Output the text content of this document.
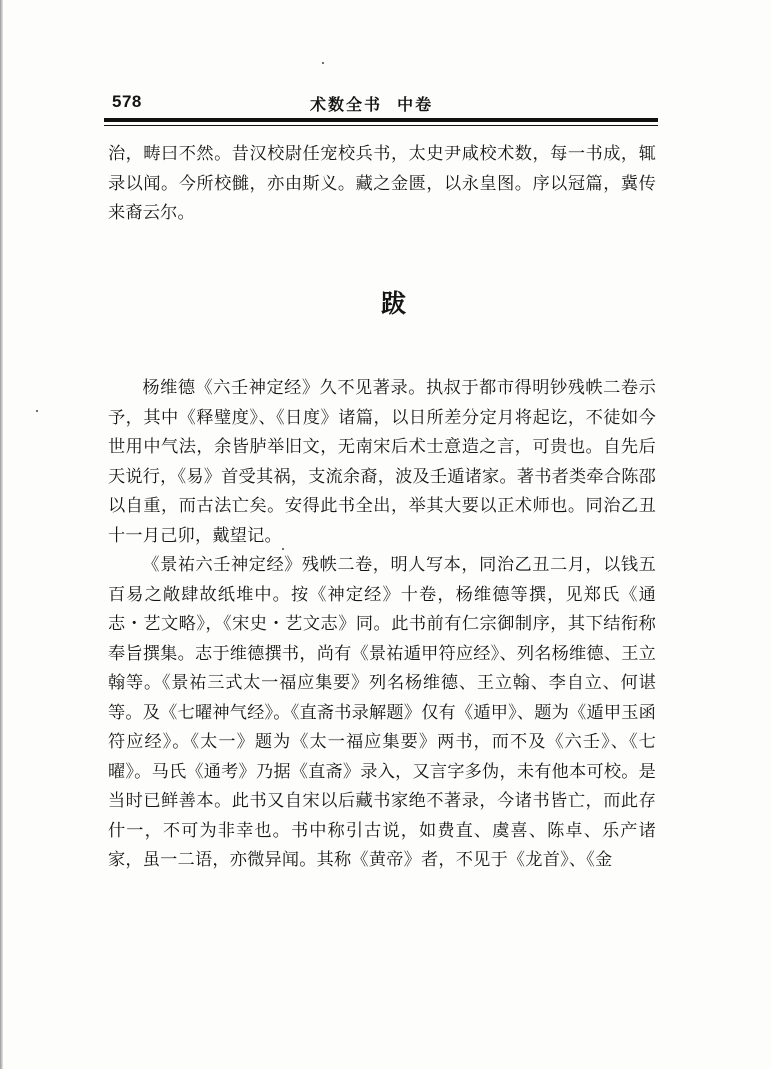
578	术数全书  中卷
治，畴曰不然。昔汉校尉任宠校兵书，太史尹咸校术数，每一书成，辄录以闻。今所校雠，亦由斯义。藏之金匮，以永皇图。序以冠篇，冀传来裔云尔。
跋

杨维德《六壬神定经》久不见著录。执叔于都市得明钞残帙二卷示予，其中《释璧度》、《日度》诸篇，以日所差分定月将起讫，不徒如今世用中气法，余皆胪举旧文，无南宋后术士意造之言，可贵也。自先后天说行，《易》首受其祸，支流余裔，波及壬遁诸家。著书者类牵合陈邵以自重，而古法亡矣。安得此书全出，举其大要以正术师也。同治乙丑十一月己卯，戴望记。

《景祐六壬神定经》残帙二卷，明人写本，同治乙丑二月，以钱五百易之敞肆故纸堆中。按《神定经》十卷，杨维德等撰，见郑氏《通志・艺文略》，《宋史・艺文志》同。此书前有仁宗御制序，其下结衔称奉旨撰集。志于维德撰书，尚有《景祐遁甲符应经》、列名杨维德、王立翰等。《景祐三式太一福应集要》列名杨维德、王立翰、李自立、何谌等。及《七曜神气经》。《直斋书录解题》仅有《遁甲》、题为《遁甲玉函符应经》。《太一》题为《太一福应集要》两书，而不及《六壬》、《七曜》。马氏《通考》乃据《直斋》录入，又言字多伪，未有他本可校。是当时已鲜善本。此书又自宋以后藏书家绝不著录，今诸书皆亡，而此存什一，不可为非幸也。书中称引古说，如费直、虞喜、陈卓、乐产诸家，虽一二语，亦微异闻。其称《黄帝》者，不见于《龙首》、《金
